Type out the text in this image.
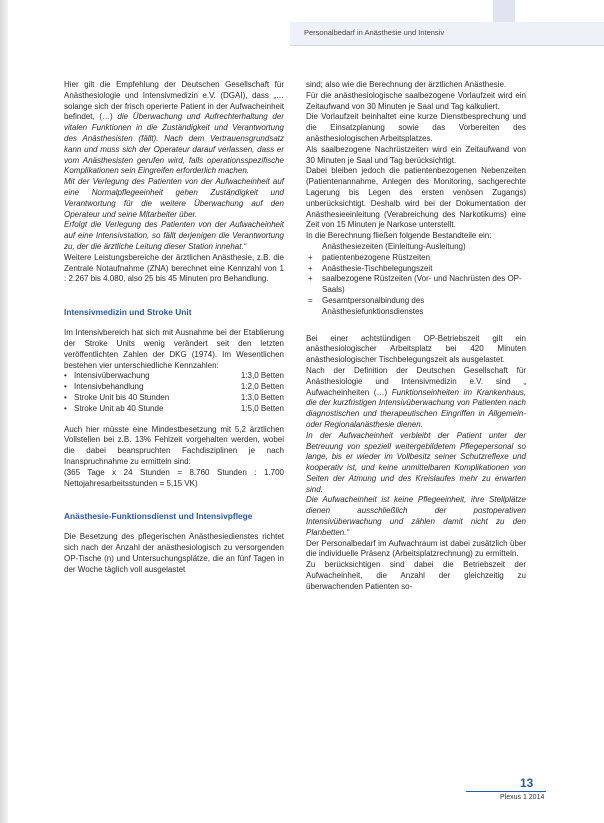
Personalbedarf in Anästhesie und Intensiv

Hier gilt die Empfehlung der Deutschen Gesellschaft für Anästhesiologie und Intensivmedizin e.V. (DGAI), dass „… solange sich der frisch operierte Patient in der Aufwacheinheit befindet, (…) die Überwachung und Aufrechterhaltung der vitalen Funktionen in die Zuständigkeit und Verantwortung des Anästhesisten (fällt). Nach dem Vertrauensgrundsatz kann und muss sich der Operateur darauf verlassen, dass er vom Anästhesisten gerufen wird, falls operationsspezifische Komplikationen sein Eingreifen erforderlich machen.

Mit der Verlegung des Patienten von der Aufwacheinheit auf eine Normalpflegeeinheit gehen Zuständigkeit und Verantwortung für die weitere Überwachung auf den Operateur und seine Mitarbeiter über.

Erfolgt die Verlegung des Patienten von der Aufwacheinheit auf eine Intensivstation, so fällt derjenigen die Verantwortung zu, der die ärztliche Leitung dieser Station innehat.“

Weitere Leistungsbereiche der ärztlichen Anästhesie, z.B. die Zentrale Notaufnahme (ZNA) berechnet eine Kennzahl von 1 : 2.267 bis 4.080, also 25 bis 45 Minuten pro Behandlung.

Intensivmedizin und Stroke Unit

Im Intensivbereich hat sich mit Ausnahme bei der Etablierung der Stroke Units wenig verändert seit den letzten veröffentlichten Zahlen der DKG (1974). Im Wesentlichen bestehen vier unterschiedliche Kennzahlen:

• Intensivüberwachung	1:3,0 Betten
• Intensivbehandlung	1:2,0 Betten
• Stroke Unit bis 40 Stunden	1:3,0 Betten
• Stroke Unit ab 40 Stunde	1:5,0 Betten

Auch hier müsste eine Mindestbesetzung mit 5,2 ärztlichen Vollstellen bei z.B. 13% Fehlzeit vorgehalten werden, wobei die dabei beanspruchten Fachdisziplinen je nach Inanspruchnahme zu ermitteln sind:

(365 Tage x 24 Stunden = 8.760 Stunden : 1.700 Nettojahresarbeitsstunden = 5,15 VK)

Anästhesie-Funktionsdienst und Intensivpflege

Die Besetzung des pflegerischen Anästhesiedienstes richtet sich nach der Anzahl der anästhesiologisch zu versorgenden OP-Tische (n) und Untersuchungsplätze, die an fünf Tagen in der Woche täglich voll ausgelastet

sind; also wie die Berechnung der ärztlichen Anästhesie.

Für die anästhesiologische saalbezogene Vorlaufzeit wird ein Zeitaufwand von 30 Minuten je Saal und Tag kalkuliert.

Die Vorlaufzeit beinhaltet eine kurze Dienstbesprechung und die Einsatzplanung sowie das Vorbereiten des anästhesiologischen Arbeitsplatzes.

Als saalbezogene Nachrüstzeiten wird ein Zeitaufwand von 30 Minuten je Saal und Tag berücksichtigt.

Dabei bleiben jedoch die patientenbezogenen Nebenzeiten (Patientenannahme, Anlegen des Monitoring, sachgerechte Lagerung bis Legen des ersten venösen Zugangs) unberücksichtigt. Deshalb wird bei der Dokumentation der Anästhesieeinleitung (Verabreichung des Narkotikums) eine Zeit von 15 Minuten je Narkose unterstellt.

In die Berechnung fließen folgende Bestandteile ein:

Anästhesiezeiten (Einleitung-Ausleitung)

+	patientenbezogene Rüstzeiten
+	Anästhesie-Tischbelegungszeit
+	saalbezogene Rüstzeiten (Vor- und Nachrüsten des OP-Saals)
=	Gesamtpersonalbindung des Anästhesiefunktionsdienstes

Bei einer achtstündigen OP-Betriebszeit gilt ein anästhesiologischer Arbeitsplatz bei 420 Minuten anästhesiologischer Tischbelegungszeit als ausgelastet.

Nach der Definition der Deutschen Gesellschaft für Anästhesiologie und Intensivmedizin e.V. sind „ Aufwacheinheiten (…) Funktionseinheiten im Krankenhaus, die der kurzfristigen Intensivüberwachung von Patienten nach diagnostischen und therapeutischen Eingriffen in Allgemein- oder Regionalanästhesie dienen.

In der Aufwacheinheit verbleibt der Patient unter der Betreuung von speziell weitergebildetem Pflegepersonal so lange, bis er wieder im Vollbesitz seiner Schutzreflexe und kooperativ ist, und keine unmittelbaren Komplikationen von Seiten der Atmung und des Kreislaufes mehr zu erwarten sind.

Die Aufwacheinheit ist keine Pflegeeinheit, ihre Stellplätze dienen ausschließlich der postoperativen Intensivüberwachung und zählen damit nicht zu den Planbetten.“

Der Personalbedarf im Aufwachraum ist dabei zusätzlich über die individuelle Präsenz (Arbeitsplatzrechnung) zu ermitteln.

Zu berücksichtigen sind dabei die Betriebszeit der Aufwacheinheit, die Anzahl der gleichzeitig zu überwachenden Patienten so-

13
Plexus 1 2014
